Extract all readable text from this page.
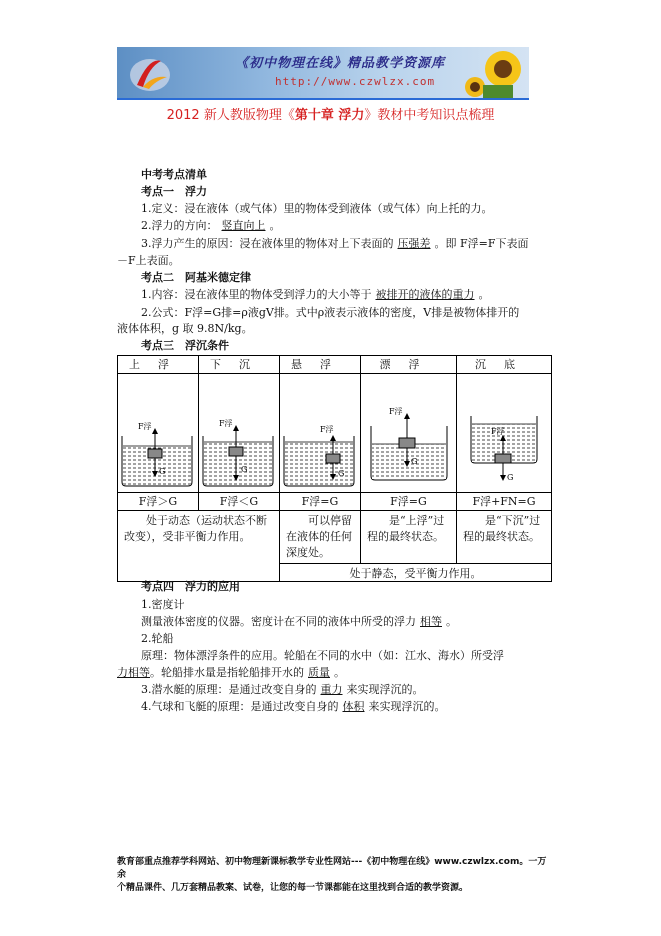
《初中物理在线》精品教学资源库
http://www.czwlzx.com
2012 新人教版物理《第十章 浮力》教材中考知识点梳理
中考考点清单
考点一　浮力
1.定义：浸在液体（或气体）里的物体受到液体（或气体）向上托的力。
2.浮力的方向： 竖直向上 。
3.浮力产生的原因：浸在液体里的物体对上下表面的 压强差 。即 F浮=F下表面
－F上表面。
考点二　阿基米德定律
1.内容：浸在液体里的物体受到浮力的大小等于 被排开的液体的重力 。
2.公式：F浮=G排=ρ液gV排。式中ρ液表示液体的密度，V排是被物体排开的
液体体积，g 取 9.8N/kg。
考点三　浮沉条件
上浮	下沉	悬浮	漂浮	沉底

F浮
G	F浮
G	F浮
G	F浮
G	F浮
G

F浮＞G	F浮＜G	F浮=G	F浮=G	F浮+FN=G

处于动态（运动状态不断改变），受非平衡力作用。		可以停留在液体的任何深度处。	是“上浮”过程的最终状态。	是“下沉”过程的最终状态。

		处于静态，受平衡力作用。		
考点四　浮力的应用
1.密度计
测量液体密度的仪器。密度计在不同的液体中所受的浮力 相等 。
2.轮船
原理：物体漂浮条件的应用。轮船在不同的水中（如：江水、海水）所受浮
力相等。轮船排水量是指轮船排开水的 质量 。
3.潜水艇的原理：是通过改变自身的 重力 来实现浮沉的。
4.气球和飞艇的原理：是通过改变自身的 体积 来实现浮沉的。
教育部重点推荐学科网站、初中物理新课标教学专业性网站---《初中物理在线》www.czwlzx.com。一万余
个精品课件、几万套精品教案、试卷，让您的每一节课都能在这里找到合适的教学资源。
